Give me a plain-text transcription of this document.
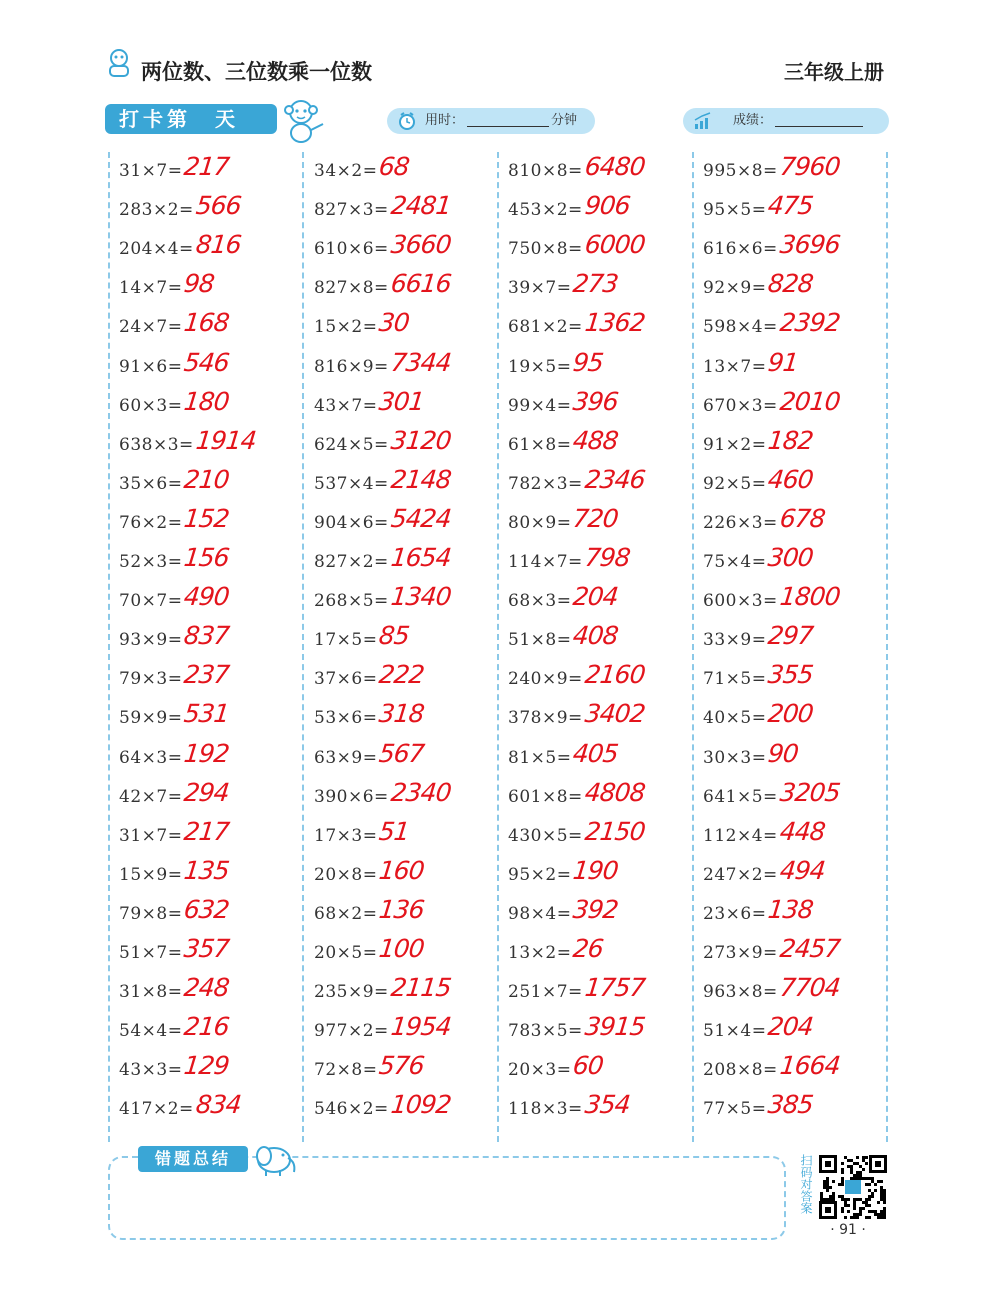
两位数、三位数乘一位数	三年级上册
打卡第　天	用时：	分钟	成绩：
31×7= 217
283×2= 566
204×4= 816
14×7= 98
24×7= 168
91×6= 546
60×3= 180
638×3= 1914
35×6= 210
76×2= 152
52×3= 156
70×7= 490
93×9= 837
79×3= 237
59×9= 531
64×3= 192
42×7= 294
31×7= 217
15×9= 135
79×8= 632
51×7= 357
31×8= 248
54×4= 216
43×3= 129
417×2= 834
34×2= 68
827×3= 2481
610×6= 3660
827×8= 6616
15×2= 30
816×9= 7344
43×7= 301
624×5= 3120
537×4= 2148
904×6= 5424
827×2= 1654
268×5= 1340
17×5= 85
37×6= 222
53×6= 318
63×9= 567
390×6= 2340
17×3= 51
20×8= 160
68×2= 136
20×5= 100
235×9= 2115
977×2= 1954
72×8= 576
546×2= 1092
810×8= 6480
453×2= 906
750×8= 6000
39×7= 273
681×2= 1362
19×5= 95
99×4= 396
61×8= 488
782×3= 2346
80×9= 720
114×7= 798
68×3= 204
51×8= 408
240×9= 2160
378×9= 3402
81×5= 405
601×8= 4808
430×5= 2150
95×2= 190
98×4= 392
13×2= 26
251×7= 1757
783×5= 3915
20×3= 60
118×3= 354
995×8= 7960
95×5= 475
616×6= 3696
92×9= 828
598×4= 2392
13×7= 91
670×3= 2010
91×2= 182
92×5= 460
226×3= 678
75×4= 300
600×3= 1800
33×9= 297
71×5= 355
40×5= 200
30×3= 90
641×5= 3205
112×4= 448
247×2= 494
23×6= 138
273×9= 2457
963×8= 7704
51×4= 204
208×8= 1664
77×5= 385
错题总结	扫码对答案
· 91 ·
